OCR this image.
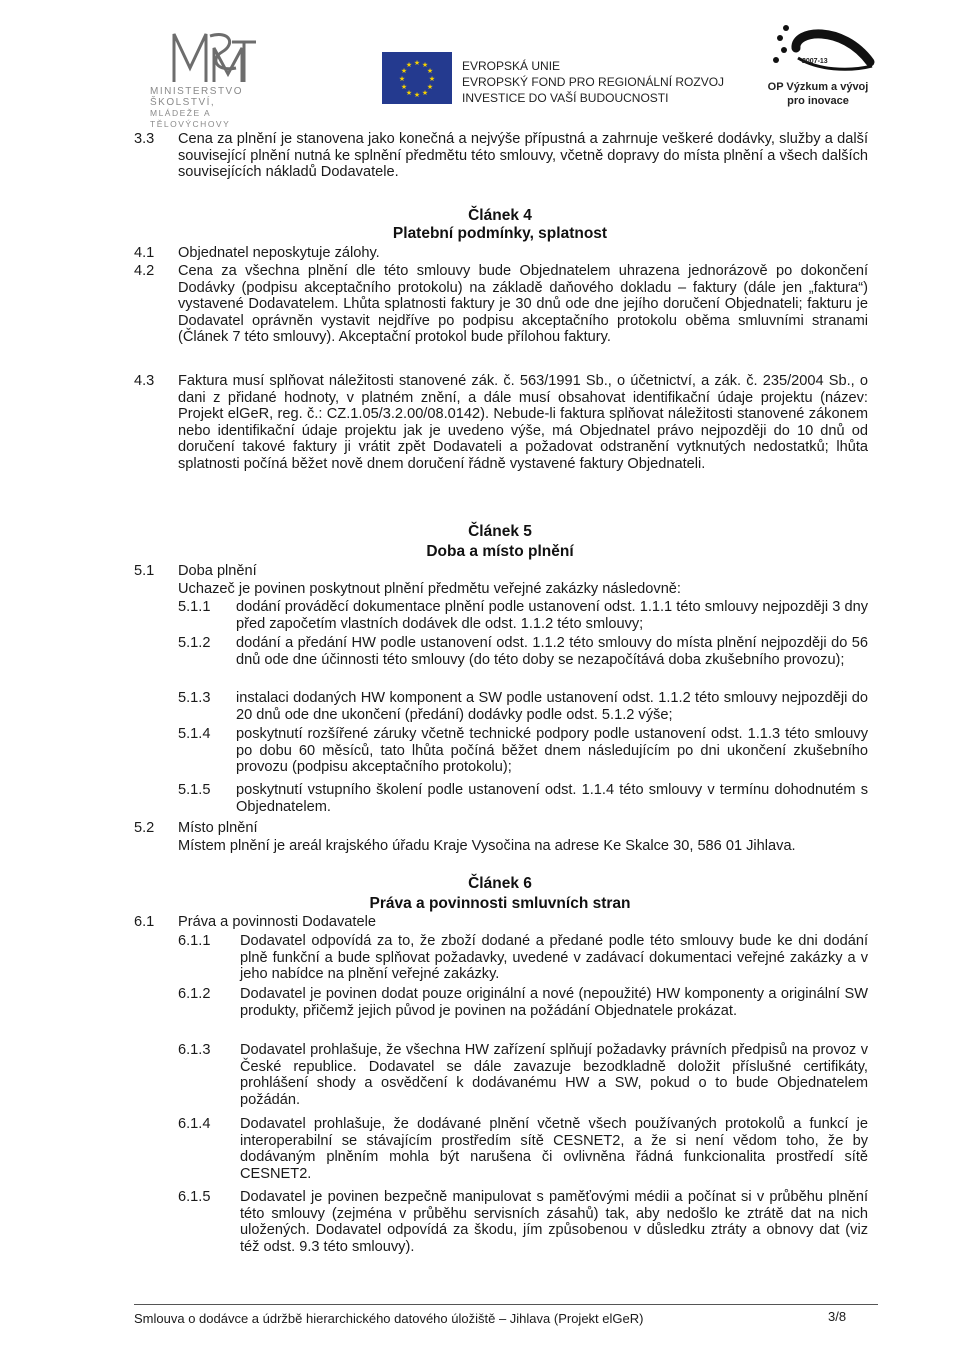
MINISTERSTVO ŠKOLSTVÍ,
MLÁDEŽE A TĚLOVÝCHOVY
★ ★
★
★
★
★
★
★
★
★
★
★	EVROPSKÁ UNIE
EVROPSKÝ FOND PRO REGIONÁLNÍ ROZVOJ
INVESTICE DO VAŠÍ BUDOUCNOSTI
2007-13
OP Výzkum a vývoj
pro inovace
3.3 Cena za plnění je stanovena jako konečná a nejvýše přípustná a zahrnuje veškeré dodávky, služby a další související plnění nutná ke splnění předmětu této smlouvy, včetně dopravy do místa plnění a všech dalších souvisejících nákladů Dodavatele.
Článek 4
Platební podmínky, splatnost
4.1 Objednatel neposkytuje zálohy.
4.2 Cena za všechna plnění dle této smlouvy bude Objednatelem uhrazena jednorázově po dokončení Dodávky (podpisu akceptačního protokolu) na základě daňového dokladu – faktury (dále jen „faktura“) vystavené Dodavatelem. Lhůta splatnosti faktury je 30 dnů ode dne jejího doručení Objednateli; fakturu je Dodavatel oprávněn vystavit nejdříve po podpisu akceptačního protokolu oběma smluvními stranami (Článek 7 této smlouvy). Akceptační protokol bude přílohou faktury.
4.3 Faktura musí splňovat náležitosti stanovené zák. č. 563/1991 Sb., o účetnictví, a zák. č. 235/2004 Sb., o dani z přidané hodnoty, v platném znění, a dále musí obsahovat identifikační údaje projektu (název: Projekt elGeR, reg. č.: CZ.1.05/3.2.00/08.0142). Nebude-li faktura splňovat náležitosti stanovené zákonem nebo identifikační údaje projektu jak je uvedeno výše, má Objednatel právo nejpozději do 10 dnů od doručení takové faktury ji vrátit zpět Dodavateli a požadovat odstranění vytknutých nedostatků; lhůta splatnosti počíná běžet nově dnem doručení řádně vystavené faktury Objednateli.
Článek 5
Doba a místo plnění
5.1 Doba plnění
Uchazeč je povinen poskytnout plnění předmětu veřejné zakázky následovně:
5.1.1 dodání prováděcí dokumentace plnění podle ustanovení odst. 1.1.1 této smlouvy nejpozději 3 dny před započetím vlastních dodávek dle odst. 1.1.2 této smlouvy;
5.1.2 dodání a předání HW podle ustanovení odst. 1.1.2 této smlouvy do místa plnění nejpozději do 56 dnů ode dne účinnosti této smlouvy (do této doby se nezapočítává doba zkušebního provozu);
5.1.3 instalaci dodaných HW komponent a SW podle ustanovení odst. 1.1.2 této smlouvy nejpozději do 20 dnů ode dne ukončení (předání) dodávky podle odst. 5.1.2 výše;
5.1.4 poskytnutí rozšířené záruky včetně technické podpory podle ustanovení odst. 1.1.3 této smlouvy po dobu 60 měsíců, tato lhůta počíná běžet dnem následujícím po dni ukončení zkušebního provozu (podpisu akceptačního protokolu);
5.1.5 poskytnutí vstupního školení podle ustanovení odst. 1.1.4 této smlouvy v termínu dohodnutém s Objednatelem.
5.2 Místo plnění
Místem plnění je areál krajského úřadu Kraje Vysočina na adrese Ke Skalce 30, 586 01 Jihlava.
Článek 6
Práva a povinnosti smluvních stran
6.1 Práva a povinnosti Dodavatele
6.1.1 Dodavatel odpovídá za to, že zboží dodané a předané podle této smlouvy bude ke dni dodání plně funkční a bude splňovat požadavky, uvedené v zadávací dokumentaci veřejné zakázky a v jeho nabídce na plnění veřejné zakázky.
6.1.2 Dodavatel je povinen dodat pouze originální a nové (nepoužité) HW komponenty a originální SW produkty, přičemž jejich původ je povinen na požádání Objednatele prokázat.
6.1.3 Dodavatel prohlašuje, že všechna HW zařízení splňují požadavky právních předpisů na provoz v České republice. Dodavatel se dále zavazuje bezodkladně doložit příslušné certifikáty, prohlášení shody a osvědčení k dodávanému HW a SW, pokud o to bude Objednatelem požádán.
6.1.4 Dodavatel prohlašuje, že dodávané plnění včetně všech používaných protokolů a funkcí je interoperabilní se stávajícím prostředím sítě CESNET2, a že si není vědom toho, že by dodávaným plněním mohla být narušena či ovlivněna řádná funkcionalita prostředí sítě CESNET2.
6.1.5 Dodavatel je povinen bezpečně manipulovat s paměťovými médii a počínat si v průběhu plnění této smlouvy (zejména v průběhu servisních zásahů) tak, aby nedošlo ke ztrátě dat na nich uložených. Dodavatel odpovídá za škodu, jím způsobenou v důsledku ztráty a obnovy dat (viz též odst. 9.3 této smlouvy).
Smlouva o dodávce a údržbě hierarchického datového úložiště – Jihlava (Projekt elGeR)	3/8
